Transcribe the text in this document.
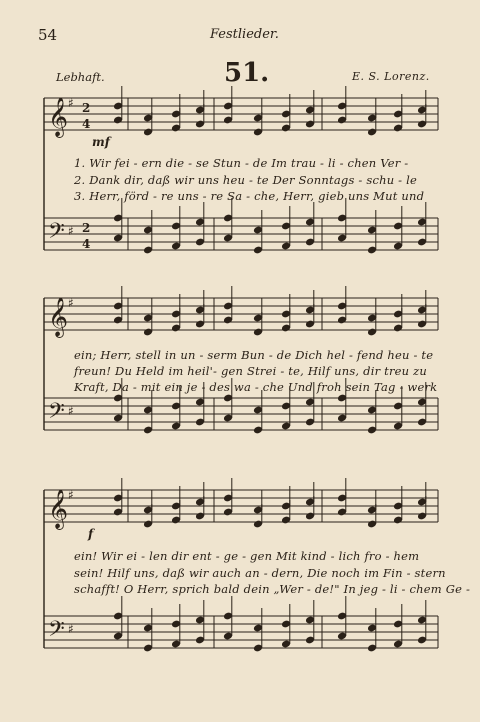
54	Festlieder.
51.
Lebhaft.	E. S. Lorenz.
𝄞
𝄢
♯
♯
2
4
2
4
mf
𝄞
𝄢
♯
♯
𝄞
𝄢
♯
♯
f
1. Wir fei - ern die - se Stun - de Im trau - li - chen Ver -
2. Dank dir, daß wir uns heu - te Der Sonntags - schu - le
3. Herr, förd - re uns - re Sa - che, Herr, gieb uns Mut und
ein; Herr, stell in un - serm Bun - de Dich hel - fend heu - te
freun! Du Held im heil'- gen Strei - te, Hilf uns, dir treu zu
Kraft, Da - mit ein je - des wa - che Und froh sein Tag - werk
ein! Wir ei - len dir ent - ge - gen Mit kind - lich fro - hem
sein! Hilf uns, daß wir auch an - dern, Die noch im Fin - stern
schafft! O Herr, sprich bald dein „Wer - de!" In jeg - li - chem Ge -
